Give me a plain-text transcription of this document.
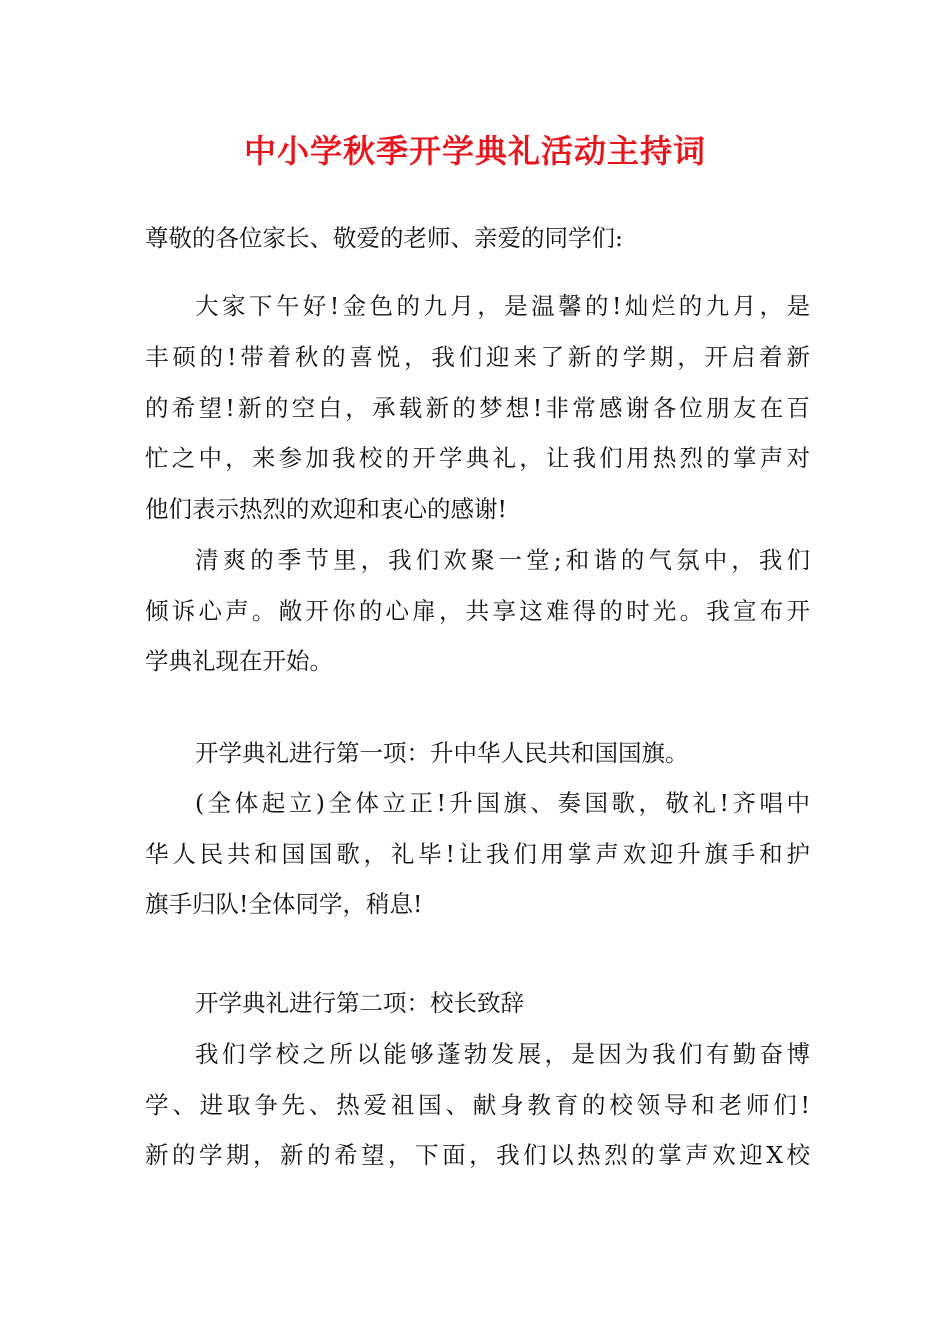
中小学秋季开学典礼活动主持词
尊敬的各位家长、敬爱的老师、亲爱的同学们:
大家下午好!金色的九月，是温馨的!灿烂的九月，是
丰硕的!带着秋的喜悦，我们迎来了新的学期，开启着新
的希望!新的空白，承载新的梦想!非常感谢各位朋友在百
忙之中，来参加我校的开学典礼，让我们用热烈的掌声对
他们表示热烈的欢迎和衷心的感谢!
清爽的季节里，我们欢聚一堂;和谐的气氛中，我们
倾诉心声。敞开你的心扉，共享这难得的时光。我宣布开
学典礼现在开始。
开学典礼进行第一项：升中华人民共和国国旗。
(全体起立)全体立正!升国旗、奏国歌，敬礼!齐唱中
华人民共和国国歌，礼毕!让我们用掌声欢迎升旗手和护
旗手归队!全体同学，稍息!
开学典礼进行第二项：校长致辞
我们学校之所以能够蓬勃发展，是因为我们有勤奋博
学、进取争先、热爱祖国、献身教育的校领导和老师们!
新的学期，新的希望，下面，我们以热烈的掌声欢迎X校
